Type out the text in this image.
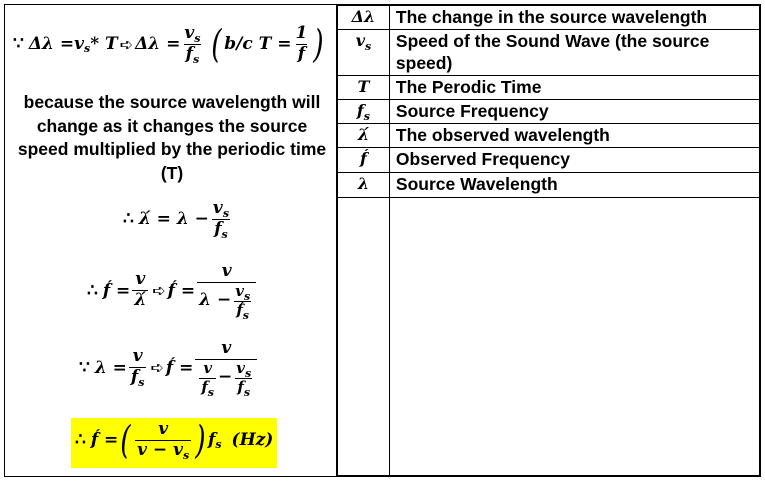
∵ Δλ = v s * T ➪ $\Delta\lambda = \frac{v_s}{f_s}$ ( b/c $T = \frac{1}{f}$ )
because the source wavelength will change as it changes the source speed multiplied by the periodic time (T)
∴ λ́ = $\lambda - \frac{v_s}{f_s}$
∴ f́ = $\frac{v}{\lambdá}$ ➪ f́ = $\frac{v}{\lambda - \frac{v_s}{f́_s}}$
∵ $\lambda = \frac{v}{f_s}$ ➪ f́ =
v
$\frac{v}{f_s} - \frac{v_s}{f_s}$
∴ f́ = ( $\frac{v}{v - v_s}$ ) f s (Hz)
Δλ	The change in the source wavelength
$v_s$	Speed of the Sound Wave (the source speed)
T	The Perodic Time
$f_s$	Source Frequency
λ́	The observed wavelength
f́	Observed Frequency
λ	Source Wavelength
